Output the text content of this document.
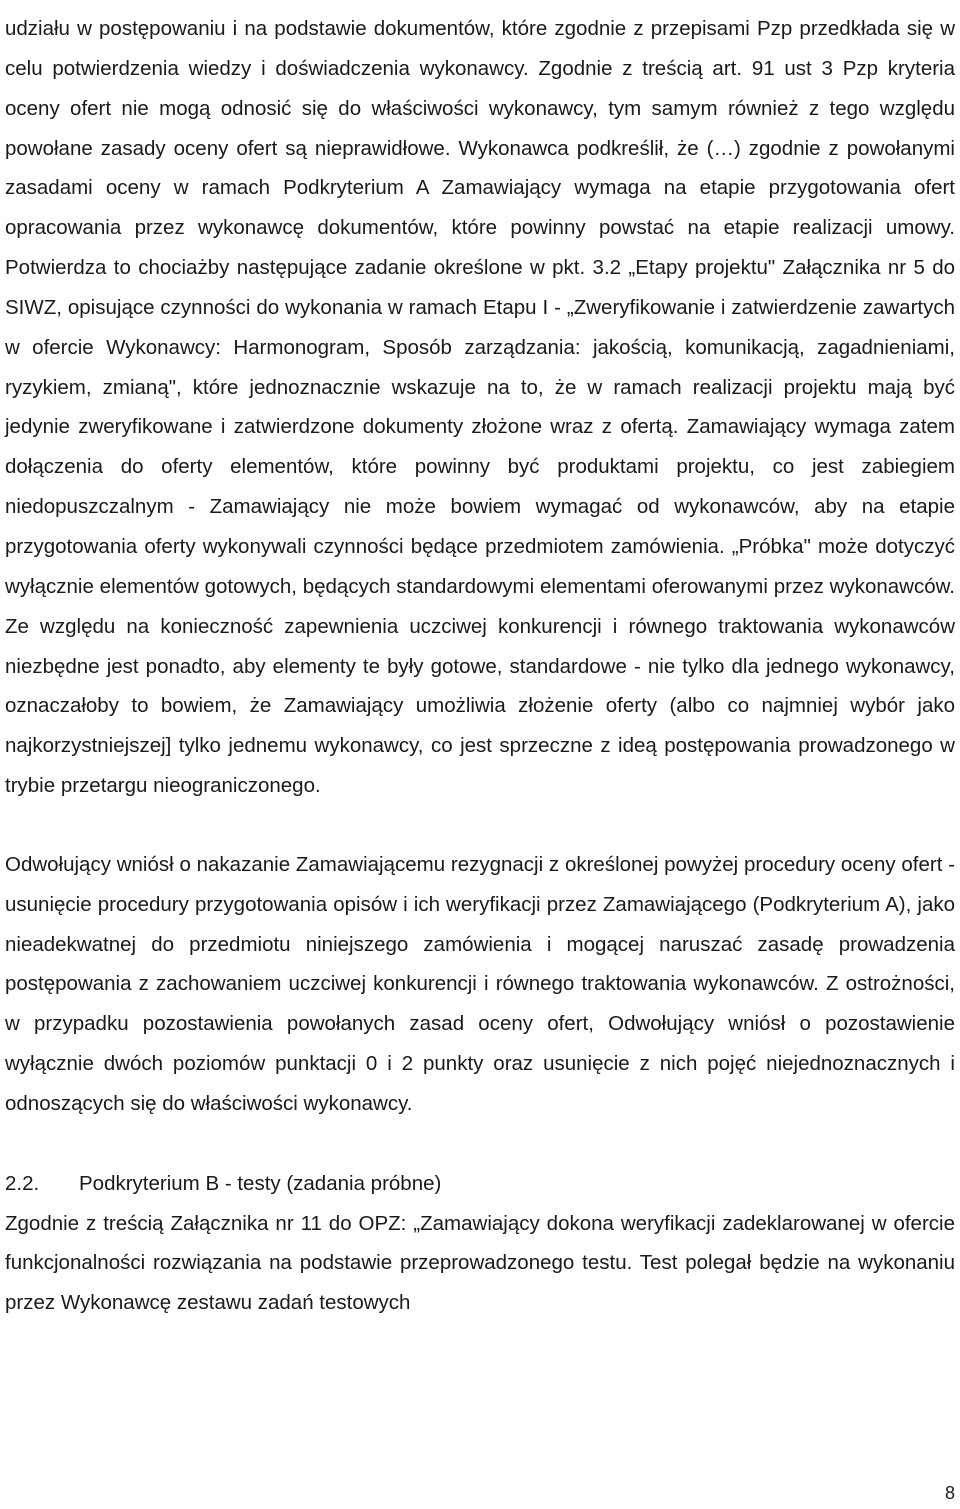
udziału w postępowaniu i na podstawie dokumentów, które zgodnie z przepisami Pzp przedkłada się w celu potwierdzenia wiedzy i doświadczenia wykonawcy. Zgodnie z treścią art. 91 ust 3 Pzp kryteria oceny ofert nie mogą odnosić się do właściwości wykonawcy, tym samym również z tego względu powołane zasady oceny ofert są nieprawidłowe. Wykonawca podkreślił, że (…) zgodnie z powołanymi zasadami oceny w ramach Podkryterium A Zamawiający wymaga na etapie przygotowania ofert opracowania przez wykonawcę dokumentów, które powinny powstać na etapie realizacji umowy. Potwierdza to chociażby następujące zadanie określone w pkt. 3.2 „Etapy projektu" Załącznika nr 5 do SIWZ, opisujące czynności do wykonania w ramach Etapu I - „Zweryfikowanie i zatwierdzenie zawartych w ofercie Wykonawcy: Harmonogram, Sposób zarządzania: jakością, komunikacją, zagadnieniami, ryzykiem, zmianą", które jednoznacznie wskazuje na to, że w ramach realizacji projektu mają być jedynie zweryfikowane i zatwierdzone dokumenty złożone wraz z ofertą. Zamawiający wymaga zatem dołączenia do oferty elementów, które powinny być produktami projektu, co jest zabiegiem niedopuszczalnym - Zamawiający nie może bowiem wymagać od wykonawców, aby na etapie przygotowania oferty wykonywali czynności będące przedmiotem zamówienia. „Próbka" może dotyczyć wyłącznie elementów gotowych, będących standardowymi elementami oferowanymi przez wykonawców. Ze względu na konieczność zapewnienia uczciwej konkurencji i równego traktowania wykonawców niezbędne jest ponadto, aby elementy te były gotowe, standardowe - nie tylko dla jednego wykonawcy, oznaczałoby to bowiem, że Zamawiający umożliwia złożenie oferty (albo co najmniej wybór jako najkorzystniejszej] tylko jednemu wykonawcy, co jest sprzeczne z ideą postępowania prowadzonego w trybie przetargu nieograniczonego.

Odwołujący wniósł o nakazanie Zamawiającemu rezygnacji z określonej powyżej procedury oceny ofert - usunięcie procedury przygotowania opisów i ich weryfikacji przez Zamawiającego (Podkryterium A), jako nieadekwatnej do przedmiotu niniejszego zamówienia i mogącej naruszać zasadę prowadzenia postępowania z zachowaniem uczciwej konkurencji i równego traktowania wykonawców. Z ostrożności, w przypadku pozostawienia powołanych zasad oceny ofert, Odwołujący wniósł o pozostawienie wyłącznie dwóch poziomów punktacji 0 i 2 punkty oraz usunięcie z nich pojęć niejednoznacznych i odnoszących się do właściwości wykonawcy.

2.2.	Podkryterium B - testy (zadania próbne)

Zgodnie z treścią Załącznika nr 11 do OPZ: „Zamawiający dokona weryfikacji zadeklarowanej w ofercie funkcjonalności rozwiązania na podstawie przeprowadzonego testu. Test polegał będzie na wykonaniu przez Wykonawcę zestawu zadań testowych

8
